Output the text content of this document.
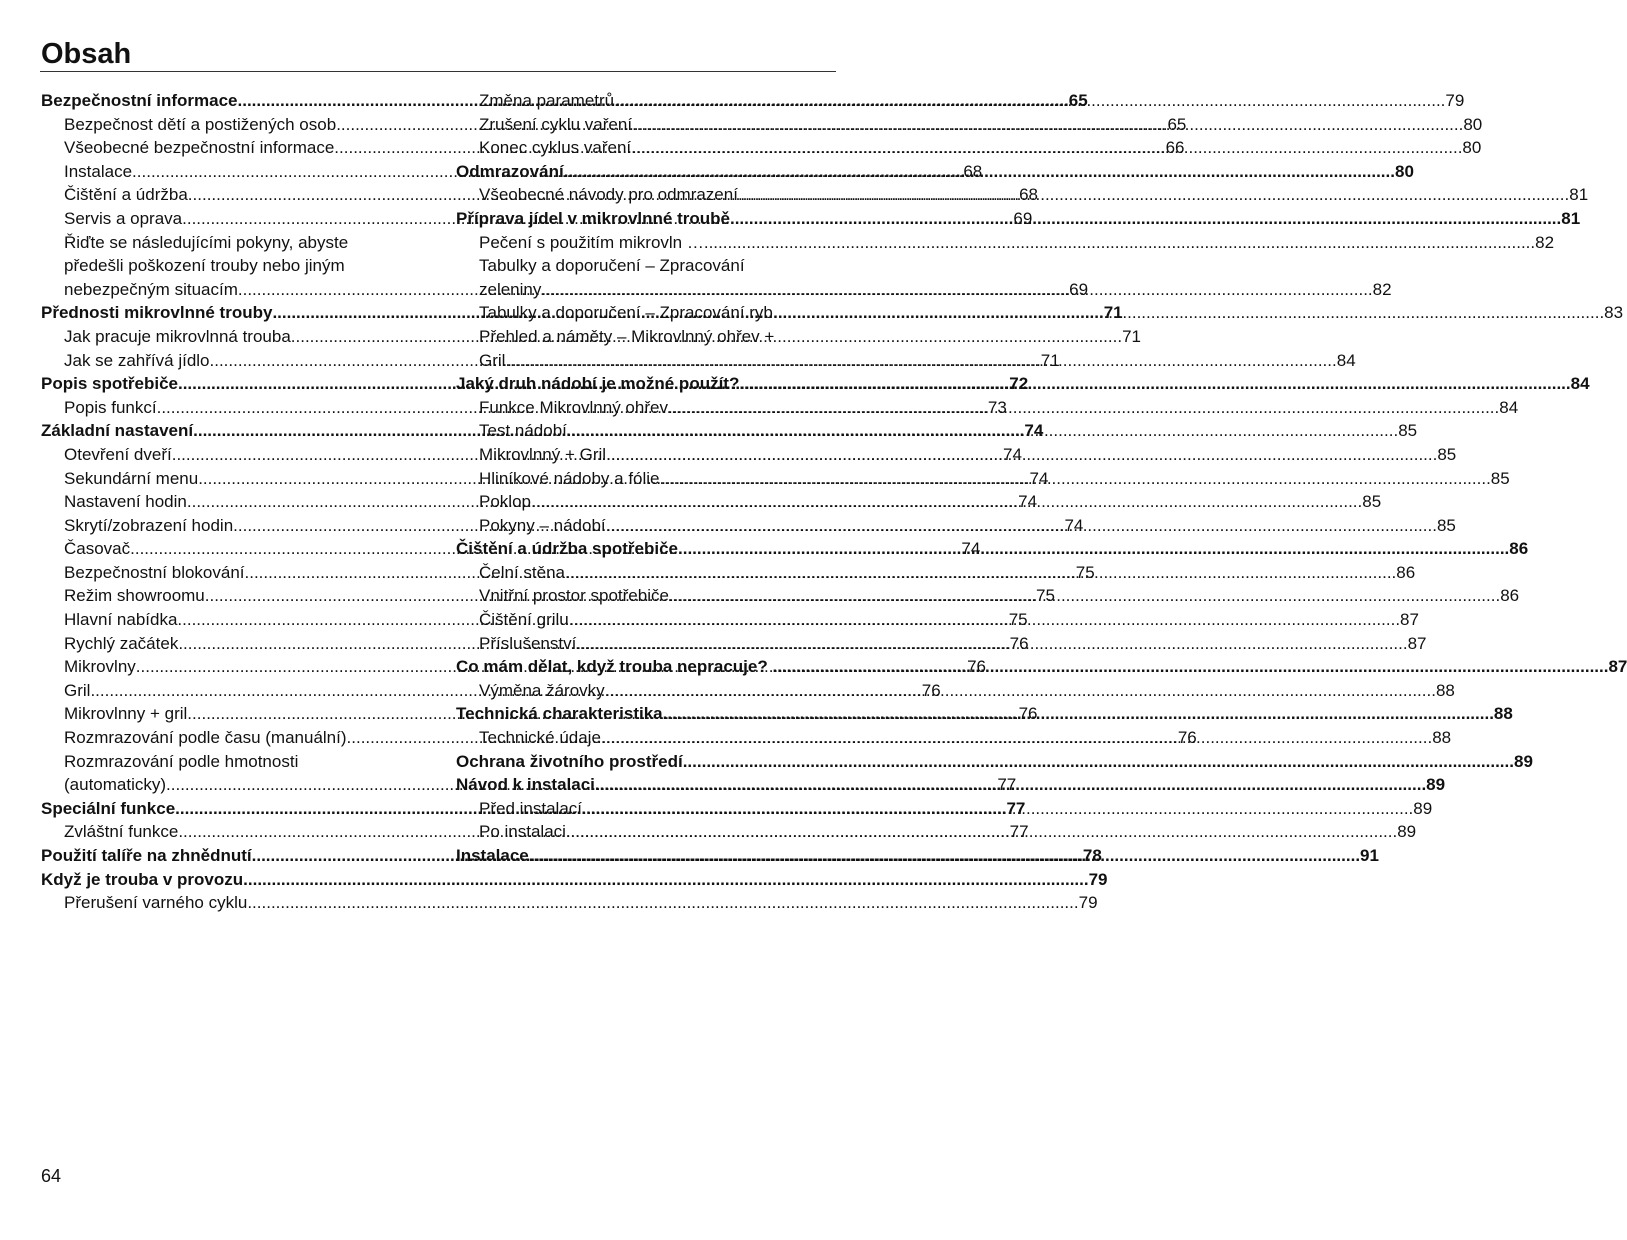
Obsah
Bezpečnostní informace .....	65
Bezpečnost dětí a postižených osob .....	65
Všeobecné bezpečnostní informace .....	66
Instalace .....	68
Čištění a údržba .....	68
Servis a oprava .....	69
Řiďte se následujícími pokyny, abyste
předešli poškození trouby nebo jiným
nebezpečným situacím .....	69
Přednosti mikrovlnné trouby .....	71
Jak pracuje mikrovlnná trouba .....	71
Jak se zahřívá jídlo .....	71
Popis spotřebiče .....	72
Popis funkcí .....	73
Základní nastavení .....	74
Otevření dveří .....	74
Sekundární menu .....	74
Nastavení hodin .....	74
Skrytí/zobrazení hodin .....	74
Časovač .....	74
Bezpečnostní blokování .....	75
Režim showroomu .....	75
Hlavní nabídka .....	75
Rychlý začátek .....	76
Mikrovlny .....	76
Gril .....	76
Mikrovlnny + gril .....	76
Rozmrazování podle času (manuální) .....	76
Rozmrazování podle hmotnosti
(automaticky) .....	77
Speciální funkce .....	77
Zvláštní funkce .....	77
Použití talíře na zhnědnutí .....	78
Když je trouba v provozu... .....	79
Přerušení varného cyklu .....	79
Změna parametrů .....	79
Zrušení cyklu vaření .....	80
Konec cyklus vaření .....	80
Odmrazování .....	80
Všeobecné návody pro odmrazení .....	81
Příprava jídel v mikrovlnné troubě .....	81
Pečení s použitím mikrovln … .....	82
Tabulky a doporučení – Zpracování
zeleniny .....	82
Tabulky a doporučení – Zpracování ryb .....	83
Přehled a náměty – Mikrovlnný ohřev +
Gril .....	84
Jaký druh nádobí je možné použít? .....	84
Funkce Mikrovlnný ohřev .....	84
Test nádobí .....	85
Mikrovlnný + Gril .....	85
Hliníkové nádoby a fólie .....	85
Poklop .....	85
Pokyny – nádobí .....	85
Čištění a údržba spotřebiče .....	86
Čelní stěna .....	86
Vnitřní prostor spotřebiče .....	86
Čištění grilu .....	87
Příslušenství .....	87
Co mám dělat, když trouba nepracuje? . .....	87
Výměna žárovky .....	88
Technická charakteristika .....	88
Technické údaje .....	88
Ochrana životního prostředí .....	89
Návod k instalaci .....	89
Před instalací .....	89
Po instalaci .....	89
Instalace .....	91
64
